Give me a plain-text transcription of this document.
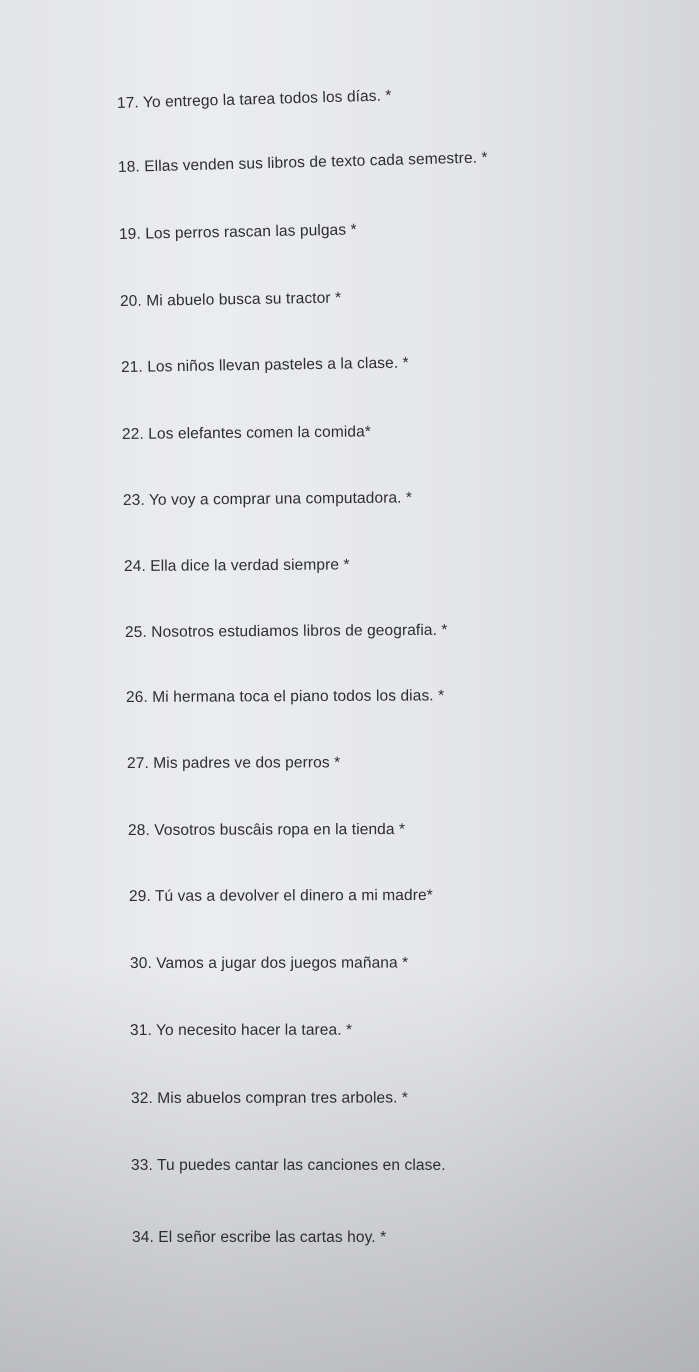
17. Yo entrego la tarea todos los días. *

18. Ellas venden sus libros de texto cada semestre. *

19. Los perros rascan las pulgas *

20. Mi abuelo busca su tractor *

21. Los niños llevan pasteles a la clase. *

22. Los elefantes comen la comida*

23. Yo voy a comprar una computadora. *

24. Ella dice la verdad siempre *

25. Nosotros estudiamos libros de geografia. *

26. Mi hermana toca el piano todos los dias. *

27. Mis padres ve dos perros *

28. Vosotros buscâis ropa en la tienda *

29. Tú vas a devolver el dinero a mi madre*

30. Vamos a jugar dos juegos mañana *

31. Yo necesito hacer la tarea. *

32. Mis abuelos compran tres arboles. *

33. Tu puedes cantar las canciones en clase.

34. El señor escribe las cartas hoy. *
